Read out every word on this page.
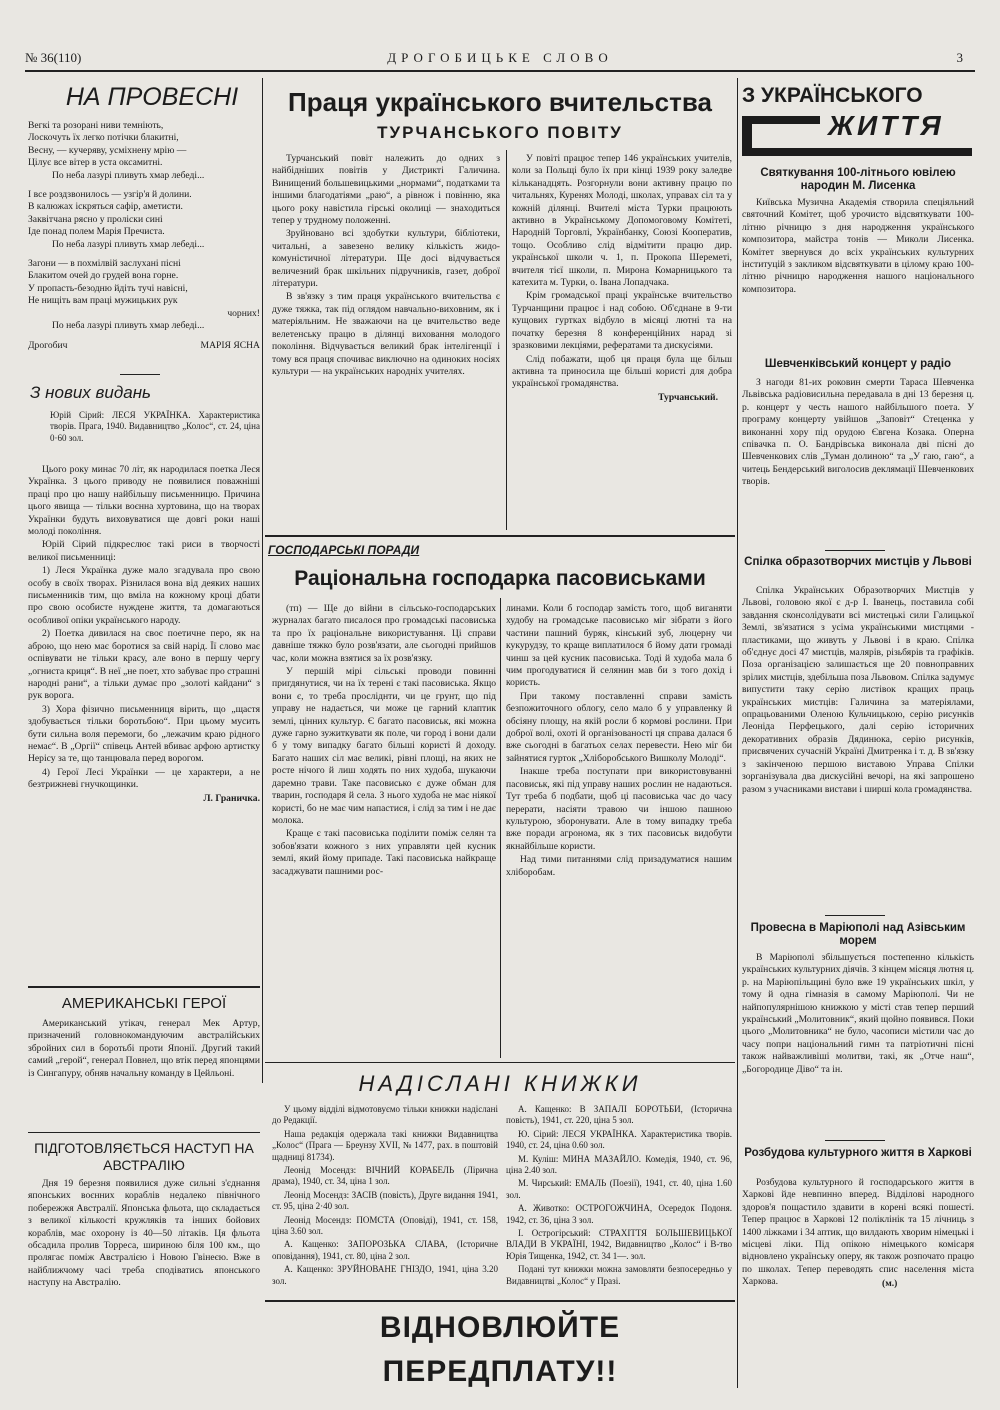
№ 36(110)	ДРОГОБИЦЬКЕ СЛОВО	3
НА ПРОВЕСНІ
Вегкі та розорані ниви темніють,
Лоскочуть їх легко потічки блакитні,
Весну, — кучеряву, усміхнену мрію —
Цілує все вітер в уста оксамитні.
По неба лазурі пливуть хмар лебеді...
І все роздзвонилось — узгір'я й долини.
В калюжах іскряться сафір, аметисти.
Заквітчана рясно у проліски сині
Іде понад полем Марія Пречиста.
По неба лазурі пливуть хмар лебеді...
Загони — в похмілвій заслухані пісні
Блакитом очей до грудей вона горне.
У пропасть-безодню йдіть тучі навісні,
Не нищіть вам праці мужицьких рук
чорних!
По неба лазурі пливуть хмар лебеді...
Дрогобич	МАРІЯ ЯСНА
З нових видань
Юрій Сірий: ЛЕСЯ УКРАЇНКА. Характеристика творів. Прага, 1940. Видавництво „Колос“, ст. 24, ціна 0·60 зол.

Цього року минає 70 літ, як народилася поетка Леся Українка. З цього приводу не появилися поважніші праці про цю нашу найбільшу письменницю. Причина цього явища — тільки воєнна хуртовина, що на творах Українки будуть виховуватися ще довгі роки наші молоді покоління.

Юрій Сірий підкреслює такі риси в творчості великої письменниці:

1) Леся Українка дуже мало згадувала про свою особу в своїх творах. Різнилася вона від деяких наших письменників тим, що вміла на кожному кроці дбати про свою особисте нуждене життя, та домагаються особливої опіки українського народу.

2) Поетка дивилася на своє поетичне перо, як на аброю, що нею має боротися за свій нарід. Її слово має оспівувати не тільки красу, але воно в першу чергу „огниста криця“. В неї „не поет, хто забуває про страшні народні рани“, а тільки думає про „золоті кайдани“ з рук ворога.

3) Хора фізично письменниця вірить, що „щастя здобувається тільки боротьбою“. При цьому мусить бути сильна воля перемоги, бо „лежачим краю рідного немає“. В „Оргії“ співець Антей вбиває арфою артистку Нерісу за те, що танцювала перед ворогом.

4) Герої Лесі Українки — це характери, а не безтрижневі гнучкощинки.

Л. Граничка.
АМЕРИКАНСЬКІ ГЕРОЇ

Американський утікач, генерал Мек Артур, призначений головнокомандуючим австралійських збройних сил в боротьбі проти Японії. Другий такий самий „герой“, генерал Повнел, що втік перед японцями із Сингапуру, обняв начальну команду в Цейльоні.

ПІДГОТОВЛЯЄТЬСЯ НАСТУП НА АВСТРАЛІЮ

Дня 19 березня появилися дуже сильні з'єднання японських воєнних кораблів недалеко північного побережжя Австралії. Японська фльота, що складається з великої кількості кружляків та інших бойових кораблів, має охорону із 40—50 літаків. Ця фльота обсадила пролив Торреса, шириною біля 100 км., що пролягає поміж Австралією і Новою Гвінеєю. Вже в найближчому часі треба сподіватись японського наступу на Австралію.

Праця українського вчительства
ТУРЧАНСЬКОГО ПОВІТУ

Турчанський повіт належить до одних з найбідніших повітів у Дистрикті Галичина. Винищений большевицькими „нормами“, податками та іншими благодатіями „раю“, а рівнож і повінню, яка цього року навістила гірські околиці — знаходиться тепер у трудному положенні.

Зруйновано всі здобутки культури, бібліотеки, читальні, а завезено велику кількість жидо-комуністичної літератури. Ще досі відчувається величезний брак шкільних підручників, газет, доброї літератури.

В зв'язку з тим праця українського вчительства є дуже тяжка, так під оглядом навчально-виховним, як і матеріяльним. Не зважаючи на це вчительство веде велетенську працю в ділянці виховання молодого покоління. Відчувається великий брак інтелігенції і тому вся праця спочиває виключно на одиноких носіях культури — на українських народніх учителях.

У повіті працює тепер 146 українських учителів, коли за Польщі було їх при кінці 1939 року заледве кільканадцять. Розгорнули вони активну працю по читальнях, Куренях Молоді, школах, управах сіл та у кожній ділянці. Вчителі міста Турки працюють активно в Українському Допомоговому Комітеті, Народній Торговлі, Українбанку, Союзі Кооператив, тощо. Особливо слід відмітити працю дир. української школи ч. 1, п. Прокопа Шереметі, вчителя тієї школи, п. Мирона Комарницького та катехита м. Турки, о. Івана Лопадчака.

Крім громадської праці українське вчительство Турчанщини працює і над собою. Об'єднане в 9-ти кущових гуртках відбуло в місяці лютні та на початку березня 8 конференційних нарад зі зразковими лекціями, рефератами та дискусіями.

Слід побажати, щоб ця праця була ще більш активна та приносила ще більші користі для добра української громадянства.

Турчанський.
ГОСПОДАРСЬКІ ПОРАДИ
Раціональна господарка пасовиськами

(тп) — Ще до війни в сільсько-господарських журналах багато писалося про громадські пасовиська та про їх раціональне використування. Ці справи давніше тяжко було розв'язати, але сьогодні прийшов час, коли можна взятися за їх розв'язку.

У першій мірі сільські проводи повинні пригдянутися, чи на їх терені є такі пасовиська. Якщо вони є, то треба просліднти, чи це грунт, що під управу не надається, чи може це гарний клаптик землі, цінних культур. Є багато пасовиськ, які можна дуже гарно зужиткувати як поле, чи город і вони дали б у тому випадку багато більші користі й доходу. Багато наших сіл має великі, рівні площі, на яких не росте нічого й лиш ходять по них худоба, шукаючи даремно трави. Таке пасовисько є дуже обман для тварин, господаря й села. З нього худоба не має ніякої користі, бо не має чим напастися, і слід за тим і не дає молока.

Краще є такі пасовиська поділити поміж селян та зобов'язати кожного з них управляти цей кусник землі, який йому припаде. Такі пасовиська найкраще засаджувати пашними рос-

линами. Коли б господар замість того, щоб виганяти худобу на громадське пасовисько міг зібрати з його частини пашний буряк, кінський зуб, люцерну чи кукурудзу, то краще виплатилося б йому дати громаді чинш за цей кусник пасовиська. Тоді й худоба мала б чим прогодуватися й селянин мав би з того дохід і користь.

При такому поставленні справи замість безпожиточного облогу, село мало б у управленку й обсіяну площу, на якій росли б кормові рослини. При доброї волі, охоті й організованості ця справа далася б вже сьогодні в багатьох селах перевести. Нею міг би зайнятися гурток „Хліборобського Вишколу Молоді“.

Інакше треба поступати при використовуванні пасовиськ, які під управу наших рослин не надаються. Тут треба б подбати, щоб ці пасовиська час до часу перерати, насіяти травою чи іншою пашною культурою, зборонувати. Але в тому випадку треба вже поради агронома, як з тих пасовиськ видобути якнайбільше користи.

Над тими питаннями слід призадуматися нашим хліборобам.

НАДІСЛАНІ КНИЖКИ

У цьому відділі відмотовуємо тільки книжки надіслані до Редакції.

Наша редакція одержала такі книжки Видавництва „Колос“ (Прага — Бреунзу XVII, № 1477, рах. в поштовій щадниці 81734).

Леонід Мосендз: ВІЧНИЙ КОРАБЕЛЬ (Лірична драма), 1940, ст. 34, ціна 1 зол.

Леонід Мосендз: ЗАСІВ (повість), Друге видання 1941, ст. 95, ціна 2·40 зол.

Леонід Мосендз: ПОМСТА (Оповіді), 1941, ст. 158, ціна 3.60 зол.

А. Кащенко: ЗАПОРОЗЬКА СЛАВА, (Історичне оповідання), 1941, ст. 80, ціна 2 зол.

А. Кащенко: ЗРУЙНОВАНЕ ГНІЗДО, 1941, ціна 3.20 зол.

А. Кащенко: В ЗАПАЛІ БОРОТЬБИ, (Історична повість), 1941, ст. 220, ціна 5 зол.

Ю. Сірий: ЛЕСЯ УКРАЇНКА. Характеристика творів. 1940, ст. 24, ціна 0.60 зол.

М. Куліш: МИНА МАЗАЙЛО. Комедія, 1940, ст. 96, ціна 2.40 зол.

М. Чирський: ЕМАЛЬ (Поезії), 1941, ст. 40, ціна 1.60 зол.

А. Животко: ОСТРОГОЖЧИНА, Осередок Подоня. 1942, ст. 36, ціна 3 зол.

І. Острогірський: СТРАХІТТЯ БОЛЬШЕВИЦЬКОЇ ВЛАДИ В УКРАЇНІ, 1942, Видавництво „Колос“ і В-тво Юрія Тищенка, 1942, ст. 34 1—. зол.

Подані тут книжки можна замовляти безпосередньо у Видавництві „Колос“ у Празі.

ВІДНОВЛЮЙТЕ ПЕРЕДПЛАТУ!!
З УКРАЇНСЬКОГО
ЖИТТЯ
Святкування 100-літнього ювілею народин М. Лисенка

Київська Музична Академія створила спеціяльний святочний Комітет, щоб урочисто відсвяткувати 100-літню річницю з дня народження українського композитора, майстра тонів — Миколи Лисенка. Комітет звернувся до всіх українських культурних інституцій з закликом відсвяткувати в цілому краю 100-літню річницю народження нашого національного композитора.

Шевченківський концерт у радіо

З нагоди 81-их роковин смерти Тараса Шевченка Львівська радіовисильна передавала в дні 13 березня ц. р. концерт у честь нашого найбільшого поета. У програму концерту увійшов „Заповіт“ Стеценка у виконанні хору під орудою Євгена Козака. Оперна співачка п. О. Бандрівська виконала дві пісні до Шевченкових слів „Туман долиною“ та „У гаю, гаю“, а читець Бендерський виголосив деклямації Шевченкових творів.

Спілка образотворчих мистців у Львові

Спілка Українських Образотворчих Мистців у Львові, головою якої є д-р І. Іванець, поставила собі завдання сконсолідувати всі мистецькі сили Галицької Землі, зв'язатися з усіма українськими мистцями - пластиками, що живуть у Львові і в краю. Спілка об'єднує досі 47 мистців, малярів, різьбярів та графіків. Поза організацією залишається ще 20 повноправних зрілих мистців, здебільша поза Львовом. Спілка задумує випустити таку серію листівок кращих праць українських мистців: Галичина за матеріялами, опрацьованими Оленою Кульчицькою, серію рисунків Леоніда Перфецького, далі серію історичних декоративних образів Дядинюка, серію рисунків, присвячених сучасній Україні Дмитренка і т. д. В зв'язку з закінченою першою виставою Управа Спілки зорганізувала два дискусійні вечорі, на які запрошено разом з учасниками вистави і ширші кола громадянства.

Провесна в Маріюполі над Азівським морем

В Маріюполі збільшується постепенно кількість українських культурних діячів. З кінцем місяця лютня ц. р. на Маріюпільщині було вже 19 українських шкіл, у тому й одна гімназія в самому Маріюполі. Чи не найпопулярнішою книжкою у місті став тепер перший український „Молитовник“, який щойно появився. Поки цього „Молитовника“ не було, часописи містили час до часу попри національний гимн та патріотичні пісні також найважливіші молитви, такі, як „Отче наш“, „Богородице Діво“ та ін.

Розбудова культурного життя в Харкові

Розбудова культурного й господарського життя в Харкові йде невпинно вперед. Відділові народного здоров'я пощастило здавити в корені всякі пошесті. Тепер працює в Харкові 12 поліклінік та 15 лічниць з 1400 ліжками і 34 аптик, що вилдають хворим німецькі і місцеві ліки. Під опікою німецького комісаря відновлено українську оперу, як також розпочато працю по школах. Тепер переводять спис населення міста Харкова.	(м.)
